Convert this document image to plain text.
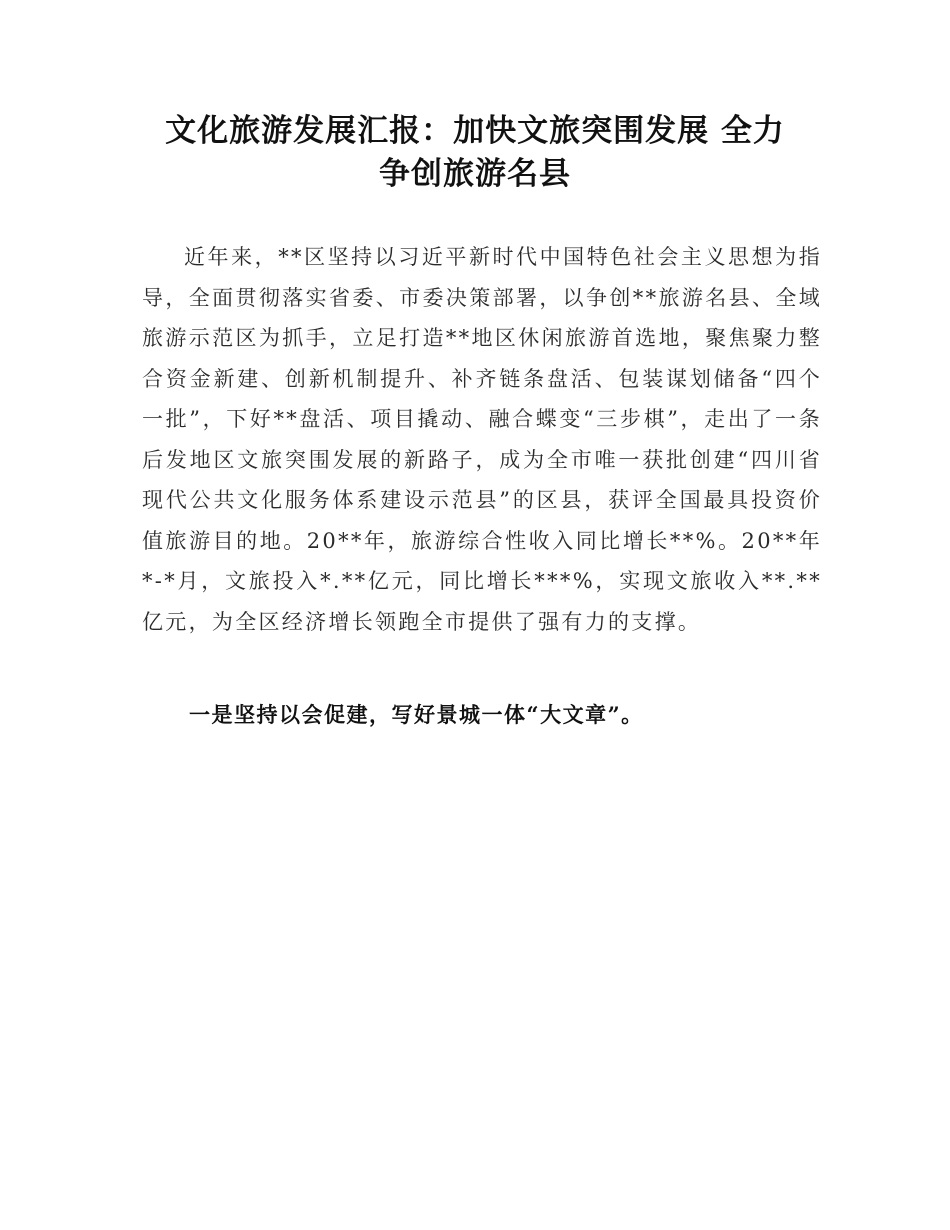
文化旅游发展汇报：加快文旅突围发展 全力
争创旅游名县

近年来，**区坚持以习近平新时代中国特色社会主义思想为指导，全面贯彻落实省委、市委决策部署，以争创**旅游名县、全域旅游示范区为抓手，立足打造**地区休闲旅游首选地，聚焦聚力整合资金新建、创新机制提升、补齐链条盘活、包装谋划储备“四个一批”，下好**盘活、项目撬动、融合蝶变“三步棋”，走出了一条后发地区文旅突围发展的新路子，成为全市唯一获批创建“四川省现代公共文化服务体系建设示范县”的区县，获评全国最具投资价值旅游目的地。20**年，旅游综合性收入同比增长**%。20**年*-*月，文旅投入*.**亿元，同比增长***%，实现文旅收入**.**亿元，为全区经济增长领跑全市提供了强有力的支撑。

一是坚持以会促建，写好景城一体“大文章”。
